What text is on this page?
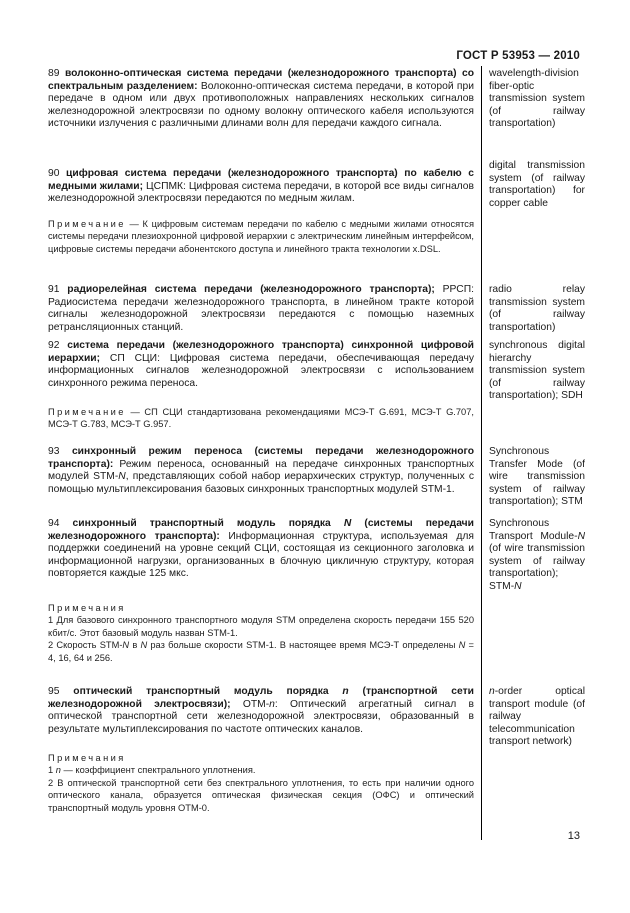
ГОСТ Р 53953 — 2010
89 волоконно-оптическая система передачи (железнодорожного транспорта) со спектральным разделением: Волоконно-оптическая система передачи, в которой при передаче в одном или двух противоположных направлениях нескольких сигналов железнодорожной электросвязи по одному волокну оптического кабеля используются источники излучения с различными длинами волн для передачи каждого сигнала.
wavelength-division fiber-optic transmission system (of railway transportation)
90 цифровая система передачи (железнодорожного транспорта) по кабелю с медными жилами; ЦСПМК: Цифровая система передачи, в которой все виды сигналов железнодорожной электросвязи передаются по медным жилам.
digital transmission system (of railway transportation) for copper cable
Примечание — К цифровым системам передачи по кабелю с медными жилами относятся системы передачи плезиохронной цифровой иерархии с электрическим линейным интерфейсом, цифровые системы передачи абонентского доступа и линейного тракта технологии x.DSL.
91 радиорелейная система передачи (железнодорожного транспорта); РРСП: Радиосистема передачи железнодорожного транспорта, в линейном тракте которой сигналы железнодорожной электросвязи передаются с помощью наземных ретрансляционных станций.
radio relay transmission system (of railway transportation)
92 система передачи (железнодорожного транспорта) синхронной цифровой иерархии; СП СЦИ: Цифровая система передачи, обеспечивающая передачу информационных сигналов железнодорожной электросвязи с использованием синхронного режима переноса.
synchronous digital hierarchy transmission system (of railway transportation); SDH
Примечание — СП СЦИ стандартизована рекомендациями МСЭ-Т G.691, МСЭ-Т G.707, МСЭ-Т G.783, МСЭ-Т G.957.
93 синхронный режим переноса (системы передачи железнодорожного транспорта): Режим переноса, основанный на передаче синхронных транспортных модулей STM-N, представляющих собой набор иерархических структур, полученных с помощью мультиплексирования базовых синхронных транспортных модулей STM-1.
Synchronous Transfer Mode (of wire transmission system of railway transportation); STM
94 синхронный транспортный модуль порядка N (системы передачи железнодорожного транспорта): Информационная структура, используемая для поддержки соединений на уровне секций СЦИ, состоящая из секционного заголовка и информационной нагрузки, организованных в блочную цикличную структуру, которая повторяется каждые 125 мкс.
Synchronous Transport Module-N (of wire transmission system of railway transportation); STM-N
Примечания
1 Для базового синхронного транспортного модуля STM определена скорость передачи 155 520 кбит/с. Этот базовый модуль назван STM-1.
2 Скорость STM-N в N раз больше скорости STM-1. В настоящее время МСЭ-Т определены N = 4, 16, 64 и 256.
95 оптический транспортный модуль порядка n (транспортной сети железнодорожной электросвязи); OTM-n: Оптический агрегатный сигнал в оптической транспортной сети железнодорожной электросвязи, образованный в результате мультиплексирования по частоте оптических каналов.
n-order optical transport module (of railway telecommunication transport network)
Примечания
1 n — коэффициент спектрального уплотнения.
2 В оптической транспортной сети без спектрального уплотнения, то есть при наличии одного оптического канала, образуется оптическая физическая секция (ОФС) и оптический транспортный модуль уровня ОТМ-0.
13
